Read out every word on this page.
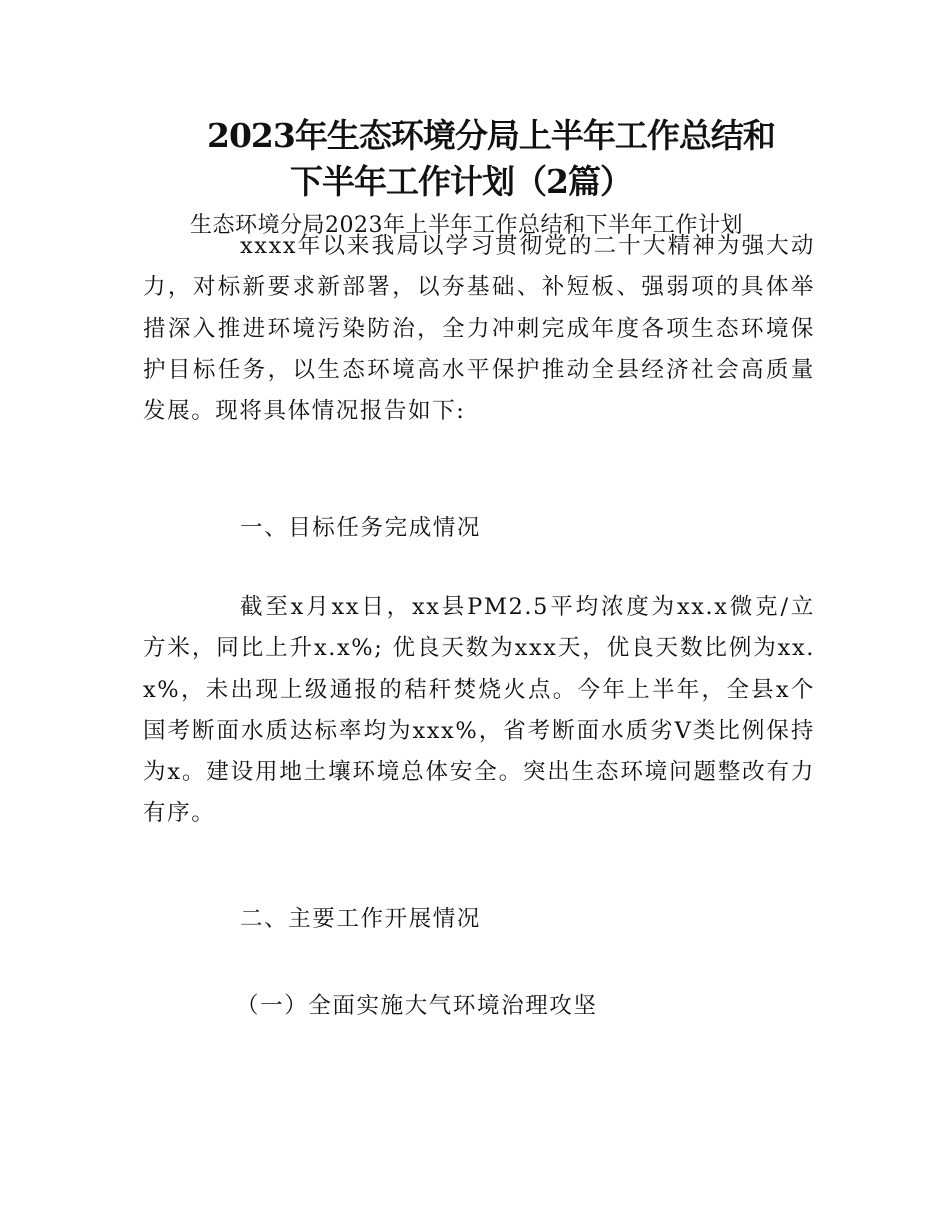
2023年生态环境分局上半年工作总结和
下半年工作计划（2篇）
生态环境分局2023年上半年工作总结和下半年工作计划
xxxx年以来我局以学习贯彻党的二十大精神为强大动力，对标新要求新部署，以夯基础、补短板、强弱项的具体举措深入推进环境污染防治，全力冲刺完成年度各项生态环境保护目标任务，以生态环境高水平保护推动全县经济社会高质量发展。现将具体情况报告如下:
一、目标任务完成情况
截至x月xx日，xx县PM2.5平均浓度为xx.x微克/立方米，同比上升x.x%; 优良天数为xxx天，优良天数比例为xx.x%，未出现上级通报的秸秆焚烧火点。今年上半年，全县x个国考断面水质达标率均为xxx%，省考断面水质劣Ⅴ类比例保持为x。建设用地土壤环境总体安全。突出生态环境问题整改有力有序。
二、主要工作开展情况
（一）全面实施大气环境治理攻坚
